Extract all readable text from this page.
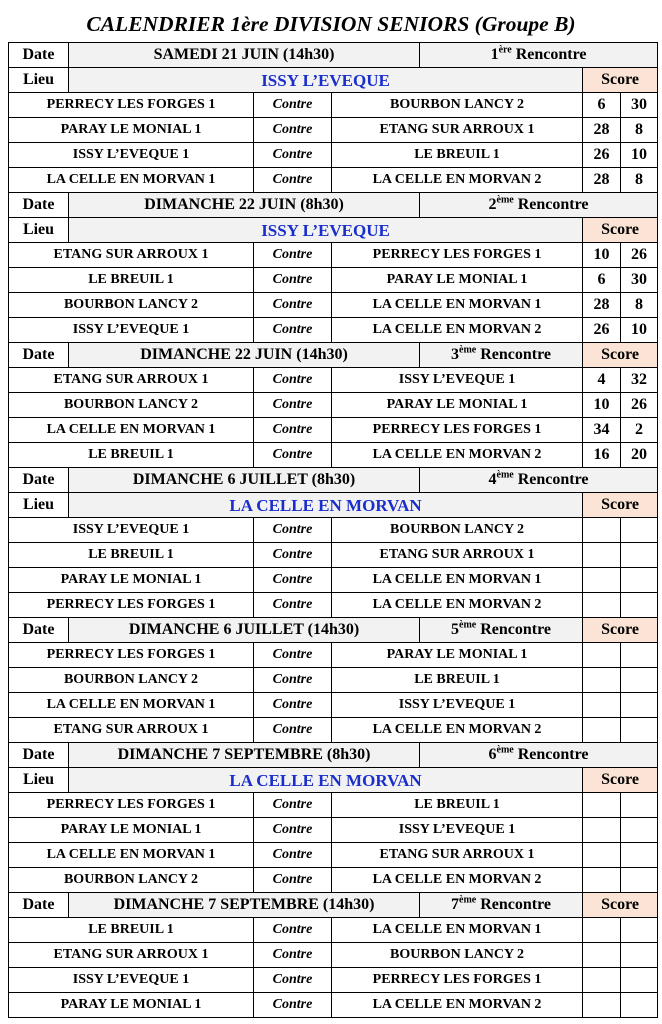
CALENDRIER 1ère DIVISION SENIORS (Groupe B)
Date	SAMEDI 21 JUIN (14h30)			1ère Rencontre		
Lieu	ISSY L’EVEQUE				Score	
PERRECY LES FORGES 1		Contre	BOURBON LANCY 2		6	30
PARAY LE MONIAL 1		Contre	ETANG SUR ARROUX 1		28	8
ISSY L’EVEQUE 1		Contre	LE BREUIL 1		26	10
LA CELLE EN MORVAN 1		Contre	LA CELLE EN MORVAN 2		28	8
Date	DIMANCHE 22 JUIN (8h30)			2ème Rencontre		
Lieu	ISSY L’EVEQUE				Score	
ETANG SUR ARROUX 1		Contre	PERRECY LES FORGES 1		10	26
LE BREUIL 1		Contre	PARAY LE MONIAL 1		6	30
BOURBON LANCY 2		Contre	LA CELLE EN MORVAN 1		28	8
ISSY L’EVEQUE 1		Contre	LA CELLE EN MORVAN 2		26	10
Date	DIMANCHE 22 JUIN (14h30)			3ème Rencontre	Score	
ETANG SUR ARROUX 1		Contre	ISSY L’EVEQUE 1		4	32
BOURBON LANCY 2		Contre	PARAY LE MONIAL 1		10	26
LA CELLE EN MORVAN 1		Contre	PERRECY LES FORGES 1		34	2
LE BREUIL 1		Contre	LA CELLE EN MORVAN 2		16	20
Date	DIMANCHE 6 JUILLET (8h30)			4ème Rencontre		
Lieu	LA CELLE EN MORVAN				Score	
ISSY L’EVEQUE 1		Contre	BOURBON LANCY 2			
LE BREUIL 1		Contre	ETANG SUR ARROUX 1			
PARAY LE MONIAL 1		Contre	LA CELLE EN MORVAN 1			
PERRECY LES FORGES 1		Contre	LA CELLE EN MORVAN 2			
Date	DIMANCHE 6 JUILLET (14h30)			5ème Rencontre	Score	
PERRECY LES FORGES 1		Contre	PARAY LE MONIAL 1			
BOURBON LANCY 2		Contre	LE BREUIL 1			
LA CELLE EN MORVAN 1		Contre	ISSY L’EVEQUE 1			
ETANG SUR ARROUX 1		Contre	LA CELLE EN MORVAN 2			
Date	DIMANCHE 7 SEPTEMBRE (8h30)			6ème Rencontre		
Lieu	LA CELLE EN MORVAN				Score	
PERRECY LES FORGES 1		Contre	LE BREUIL 1			
PARAY LE MONIAL 1		Contre	ISSY L’EVEQUE 1			
LA CELLE EN MORVAN 1		Contre	ETANG SUR ARROUX 1			
BOURBON LANCY 2		Contre	LA CELLE EN MORVAN 2			
Date	DIMANCHE 7 SEPTEMBRE (14h30)			7ème Rencontre	Score	
LE BREUIL 1		Contre	LA CELLE EN MORVAN 1			
ETANG SUR ARROUX 1		Contre	BOURBON LANCY 2			
ISSY L’EVEQUE 1		Contre	PERRECY LES FORGES 1			
PARAY LE MONIAL 1		Contre	LA CELLE EN MORVAN 2			
